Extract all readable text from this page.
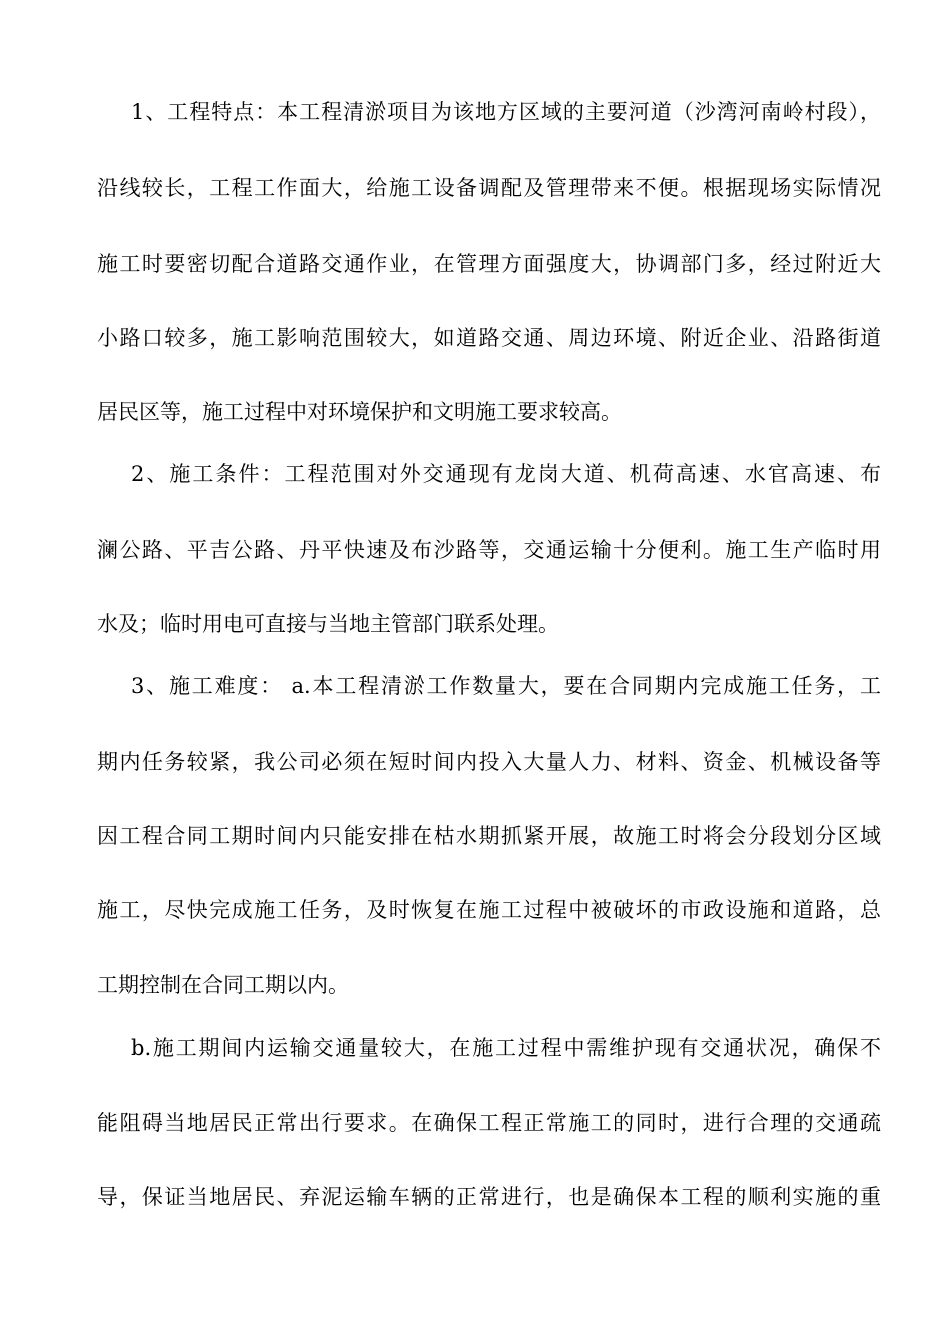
1、工程特点：本工程清淤项目为该地方区域的主要河道（沙湾河南岭村段），
沿线较长，工程工作面大，给施工设备调配及管理带来不便。根据现场实际情况
施工时要密切配合道路交通作业，在管理方面强度大，协调部门多，经过附近大
小路口较多，施工影响范围较大，如道路交通、周边环境、附近企业、沿路街道
居民区等，施工过程中对环境保护和文明施工要求较高。
2、施工条件：工程范围对外交通现有龙岗大道、机荷高速、水官高速、布
澜公路、平吉公路、丹平快速及布沙路等，交通运输十分便利。施工生产临时用
水及；临时用电可直接与当地主管部门联系处理。
3、施工难度： a.本工程清淤工作数量大，要在合同期内完成施工任务，工
期内任务较紧，我公司必须在短时间内投入大量人力、材料、资金、机械设备等
因工程合同工期时间内只能安排在枯水期抓紧开展，故施工时将会分段划分区域
施工，尽快完成施工任务，及时恢复在施工过程中被破坏的市政设施和道路，总
工期控制在合同工期以内。
b.施工期间内运输交通量较大，在施工过程中需维护现有交通状况，确保不
能阻碍当地居民正常出行要求。在确保工程正常施工的同时，进行合理的交通疏
导，保证当地居民、弃泥运输车辆的正常进行，也是确保本工程的顺利实施的重
